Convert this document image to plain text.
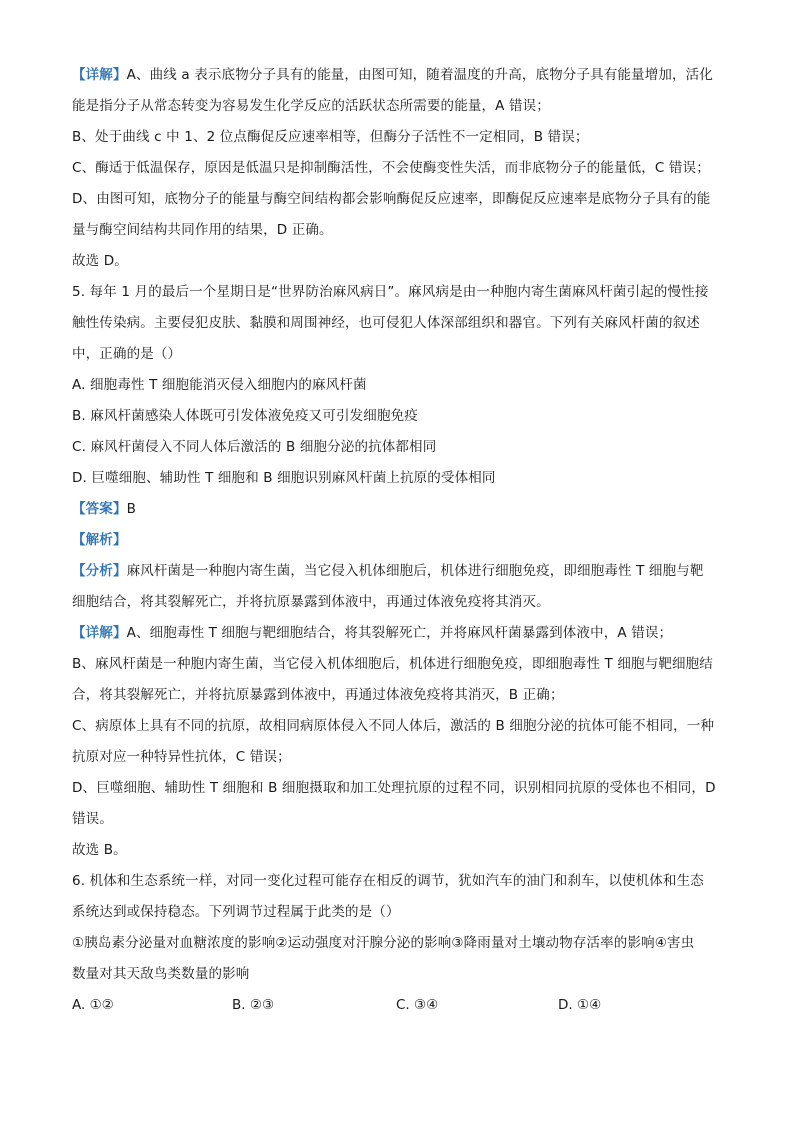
【详解】A、曲线 a 表示底物分子具有的能量，由图可知，随着温度的升高，底物分子具有能量增加，活化
能是指分子从常态转变为容易发生化学反应的活跃状态所需要的能量，A 错误；
B、处于曲线 c 中 1、2 位点酶促反应速率相等，但酶分子活性不一定相同，B 错误；
C、酶适于低温保存，原因是低温只是抑制酶活性，不会使酶变性失活，而非底物分子的能量低，C 错误；
D、由图可知，底物分子的能量与酶空间结构都会影响酶促反应速率，即酶促反应速率是底物分子具有的能
量与酶空间结构共同作用的结果，D 正确。
故选 D。
5. 每年 1 月的最后一个星期日是“世界防治麻风病日”。麻风病是由一种胞内寄生菌麻风杆菌引起的慢性接
触性传染病。主要侵犯皮肤、黏膜和周围神经，也可侵犯人体深部组织和器官。下列有关麻风杆菌的叙述
中，正确的是（）
A. 细胞毒性 T 细胞能消灭侵入细胞内的麻风杆菌
B. 麻风杆菌感染人体既可引发体液免疫又可引发细胞免疫
C. 麻风杆菌侵入不同人体后激活的 B 细胞分泌的抗体都相同
D. 巨噬细胞、辅助性 T 细胞和 B 细胞识别麻风杆菌上抗原的受体相同
【答案】B
【解析】
【分析】麻风杆菌是一种胞内寄生菌，当它侵入机体细胞后，机体进行细胞免疫，即细胞毒性 T 细胞与靶
细胞结合，将其裂解死亡，并将抗原暴露到体液中，再通过体液免疫将其消灭。
【详解】A、细胞毒性 T 细胞与靶细胞结合，将其裂解死亡，并将麻风杆菌暴露到体液中，A 错误；
B、麻风杆菌是一种胞内寄生菌，当它侵入机体细胞后，机体进行细胞免疫，即细胞毒性 T 细胞与靶细胞结
合，将其裂解死亡，并将抗原暴露到体液中，再通过体液免疫将其消灭，B 正确；
C、病原体上具有不同的抗原，故相同病原体侵入不同人体后，激活的 B 细胞分泌的抗体可能不相同，一种
抗原对应一种特异性抗体，C 错误；
D、巨噬细胞、辅助性 T 细胞和 B 细胞摄取和加工处理抗原的过程不同，识别相同抗原的受体也不相同，D
错误。
故选 B。
6. 机体和生态系统一样，对同一变化过程可能存在相反的调节，犹如汽车的油门和刹车，以使机体和生态
系统达到或保持稳态。下列调节过程属于此类的是（）
①胰岛素分泌量对血糖浓度的影响②运动强度对汗腺分泌的影响③降雨量对土壤动物存活率的影响④害虫
数量对其天敌鸟类数量的影响
A. ①②	B. ②③	C. ③④	D. ①④
